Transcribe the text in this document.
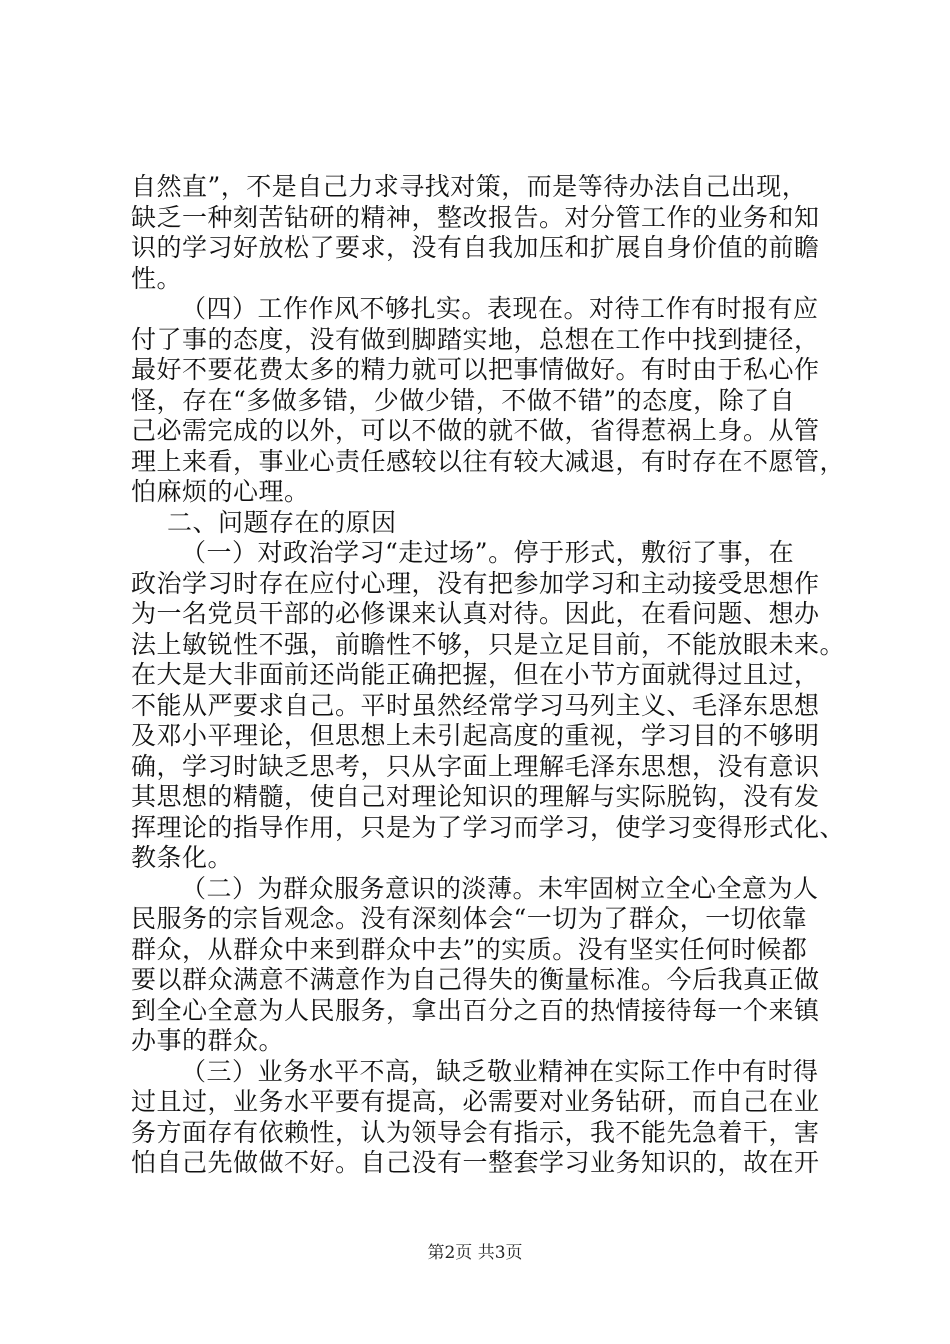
自然直”，不是自己力求寻找对策，而是等待办法自己出现，
缺乏一种刻苦钻研的精神，整改报告。对分管工作的业务和知
识的学习好放松了要求，没有自我加压和扩展自身价值的前瞻
性。
（四）工作作风不够扎实。表现在。对待工作有时报有应
付了事的态度，没有做到脚踏实地，总想在工作中找到捷径，
最好不要花费太多的精力就可以把事情做好。有时由于私心作
怪，存在“多做多错，少做少错，不做不错”的态度，除了自
己必需完成的以外，可以不做的就不做，省得惹祸上身。从管
理上来看，事业心责任感较以往有较大减退，有时存在不愿管，
怕麻烦的心理。
二、问题存在的原因
（一）对政治学习“走过场”。停于形式，敷衍了事，在
政治学习时存在应付心理，没有把参加学习和主动接受思想作
为一名党员干部的必修课来认真对待。因此，在看问题、想办
法上敏锐性不强，前瞻性不够，只是立足目前，不能放眼未来。
在大是大非面前还尚能正确把握，但在小节方面就得过且过，
不能从严要求自己。平时虽然经常学习马列主义、毛泽东思想
及邓小平理论，但思想上未引起高度的重视，学习目的不够明
确，学习时缺乏思考，只从字面上理解毛泽东思想，没有意识
其思想的精髓，使自己对理论知识的理解与实际脱钩，没有发
挥理论的指导作用，只是为了学习而学习，使学习变得形式化、
教条化。
（二）为群众服务意识的淡薄。未牢固树立全心全意为人
民服务的宗旨观念。没有深刻体会“一切为了群众，一切依靠
群众，从群众中来到群众中去”的实质。没有坚实任何时候都
要以群众满意不满意作为自己得失的衡量标准。今后我真正做
到全心全意为人民服务，拿出百分之百的热情接待每一个来镇
办事的群众。
（三）业务水平不高，缺乏敬业精神在实际工作中有时得
过且过，业务水平要有提高，必需要对业务钻研，而自己在业
务方面存有依赖性，认为领导会有指示，我不能先急着干，害
怕自己先做做不好。自己没有一整套学习业务知识的，故在开
第2页 共3页
